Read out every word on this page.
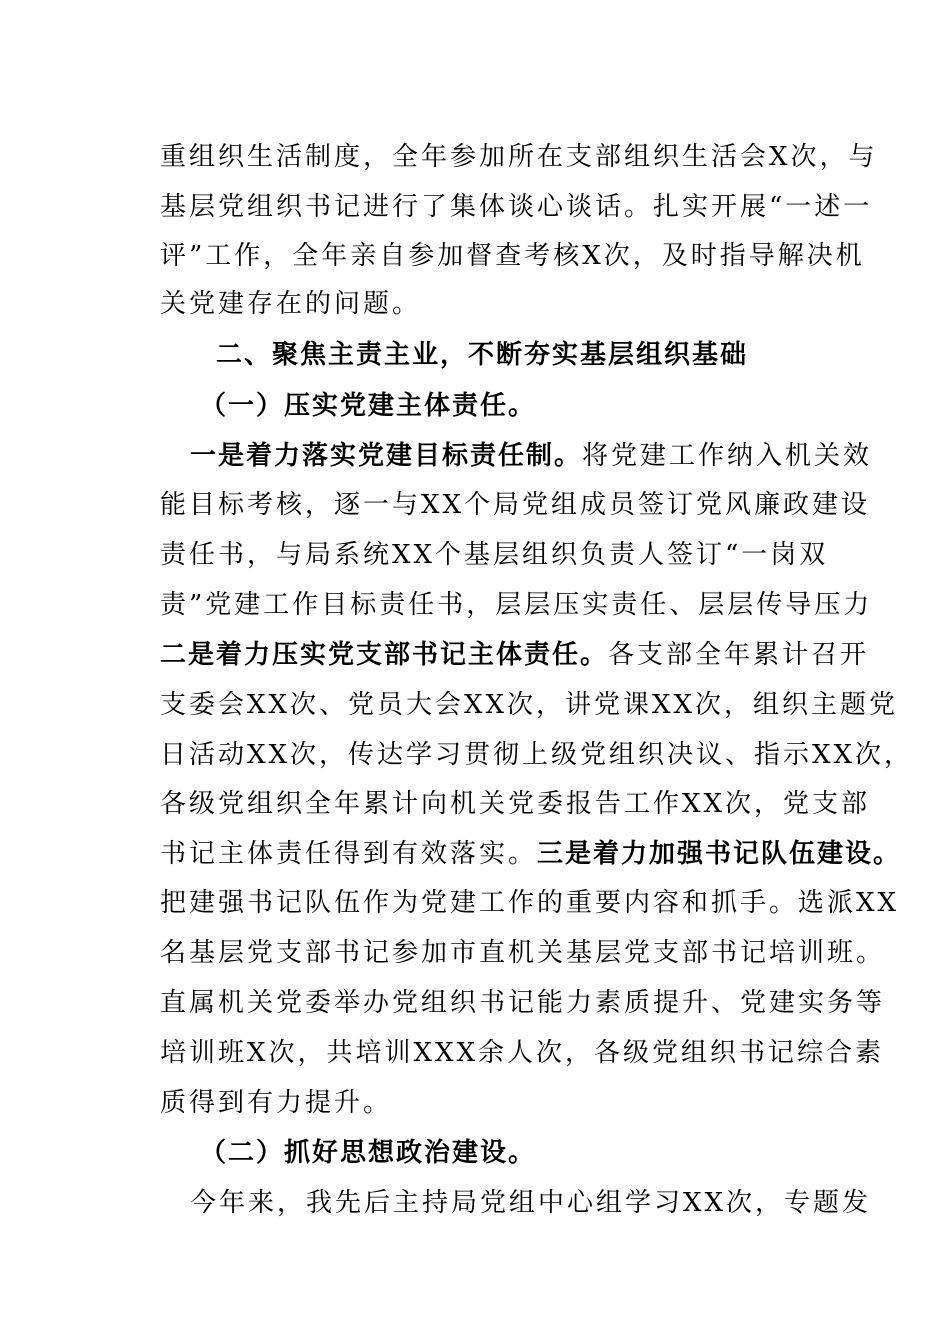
重组织生活制度，全年参加所在支部组织生活会X次，与
基层党组织书记进行了集体谈心谈话。扎实开展“一述一
评”工作，全年亲自参加督查考核X次，及时指导解决机
关党建存在的问题。
二、聚焦主责主业，不断夯实基层组织基础
（一）压实党建主体责任。
一是着力落实党建目标责任制。将党建工作纳入机关效
能目标考核，逐一与XX个局党组成员签订党风廉政建设
责任书，与局系统XX个基层组织负责人签订“一岗双
责”党建工作目标责任书，层层压实责任、层层传导压力
二是着力压实党支部书记主体责任。各支部全年累计召开
支委会XX次、党员大会XX次，讲党课XX次，组织主题党
日活动XX次，传达学习贯彻上级党组织决议、指示XX次，
各级党组织全年累计向机关党委报告工作XX次，党支部
书记主体责任得到有效落实。三是着力加强书记队伍建设。
把建强书记队伍作为党建工作的重要内容和抓手。选派XX
名基层党支部书记参加市直机关基层党支部书记培训班。
直属机关党委举办党组织书记能力素质提升、党建实务等
培训班X次，共培训XXX余人次，各级党组织书记综合素
质得到有力提升。
（二）抓好思想政治建设。
今年来，我先后主持局党组中心组学习XX次，专题发
